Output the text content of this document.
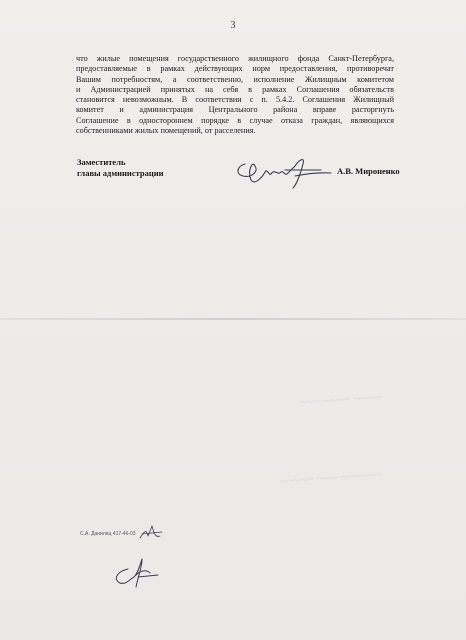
~~~ ~~~~ ~~~~
~~~~~ ~~~ ~~~~~~
3
что жилые помещения государственного жилищного фонда Санкт-Петербурга,
предоставляемые в рамках действующих норм предоставления, противоречат
Вашим потребностям, а соответственно, исполнение Жилищным комитетом
и Администрацией принятых на себя в рамках Соглашения обязательств
становится невозможным. В соответствии с п. 5.4.2. Соглашения Жилищный
комитет и администрация Центрального района вправе расторгнуть
Соглашение в одностороннем порядке в случае отказа граждан, являющихся
собственниками жилых помещений, от расселения.
Заместитель
главы администрации	А.В. Мироненко
С.А. Данилец 417-46-03
